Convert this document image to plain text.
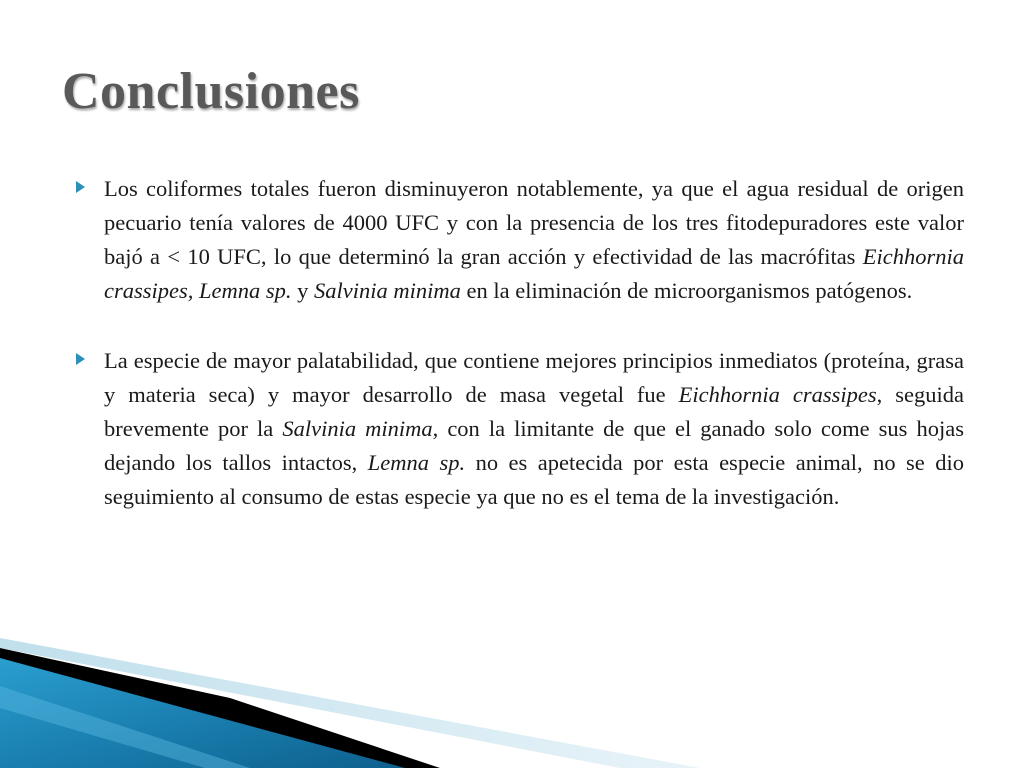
Conclusiones

Los coliformes totales fueron disminuyeron notablemente, ya que el agua residual de origen pecuario tenía valores de 4000 UFC y con la presencia de los tres fitodepuradores este valor bajó a < 10 UFC, lo que determinó la gran acción y efectividad de las macrófitas Eichhornia crassipes, Lemna sp. y Salvinia minima en la eliminación de microorganismos patógenos.

La especie de mayor palatabilidad, que contiene mejores principios inmediatos (proteína, grasa y materia seca) y mayor desarrollo de masa vegetal fue Eichhornia crassipes, seguida brevemente por la Salvinia minima, con la limitante de que el ganado solo come sus hojas dejando los tallos intactos, Lemna sp. no es apetecida por esta especie animal, no se dio seguimiento al consumo de estas especie ya que no es el tema de la investigación.
